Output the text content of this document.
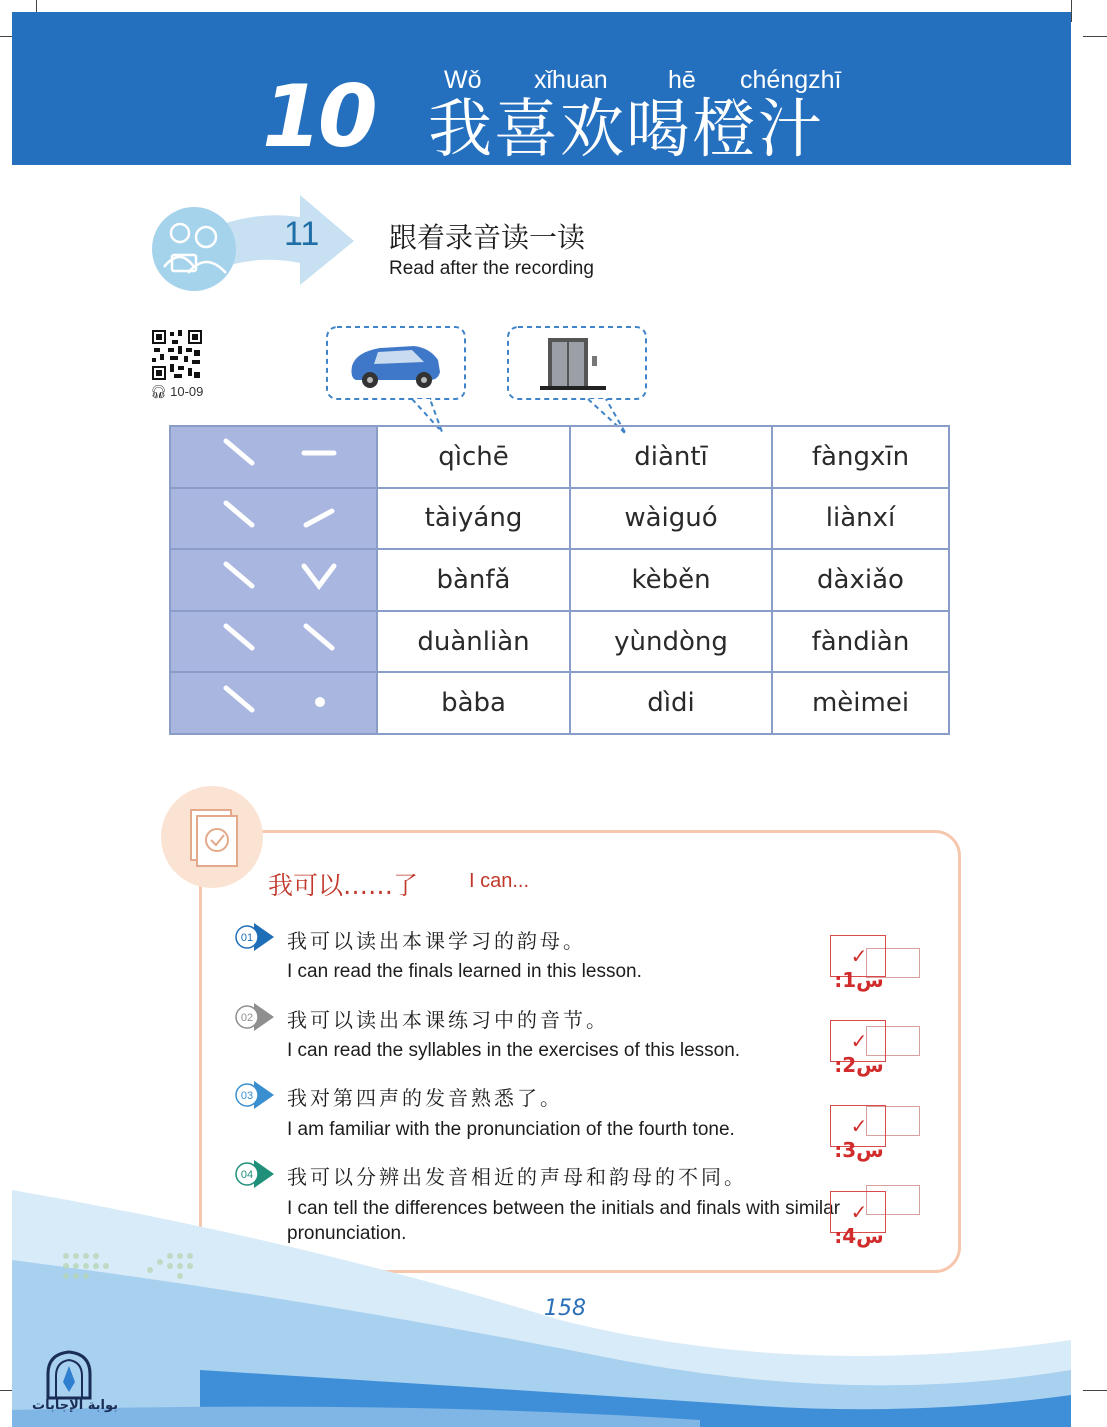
10	Wǒ xǐhuan hē chéngzhī
我喜欢喝橙汁
11 跟着录音读一读
Read after the recording
🎧︎ 10-09
	qìchē	diàntī	fàngxīn
	tàiyáng	wàiguó	liànxí
	bànfǎ	kèběn	dàxiǎo
	duànliàn	yùndòng	fàndiàn
	bàba	dìdi	mèimei
我可以……了	I can...
01 我可以读出本课学习的韵母。
I can read the finals learned in this lesson.
✓ س1:
02 我可以读出本课练习中的音节。
I can read the syllables in the exercises of this lesson.	✓ س2:
03 我对第四声的发音熟悉了。
I am familiar with the pronunciation of the fourth tone.	✓ س3:
04 我可以分辨出发音相近的声母和韵母的不同。
I can tell the differences between the initials and finals with similar pronunciation.
✓ س4:
158
بوابة الإجابات
